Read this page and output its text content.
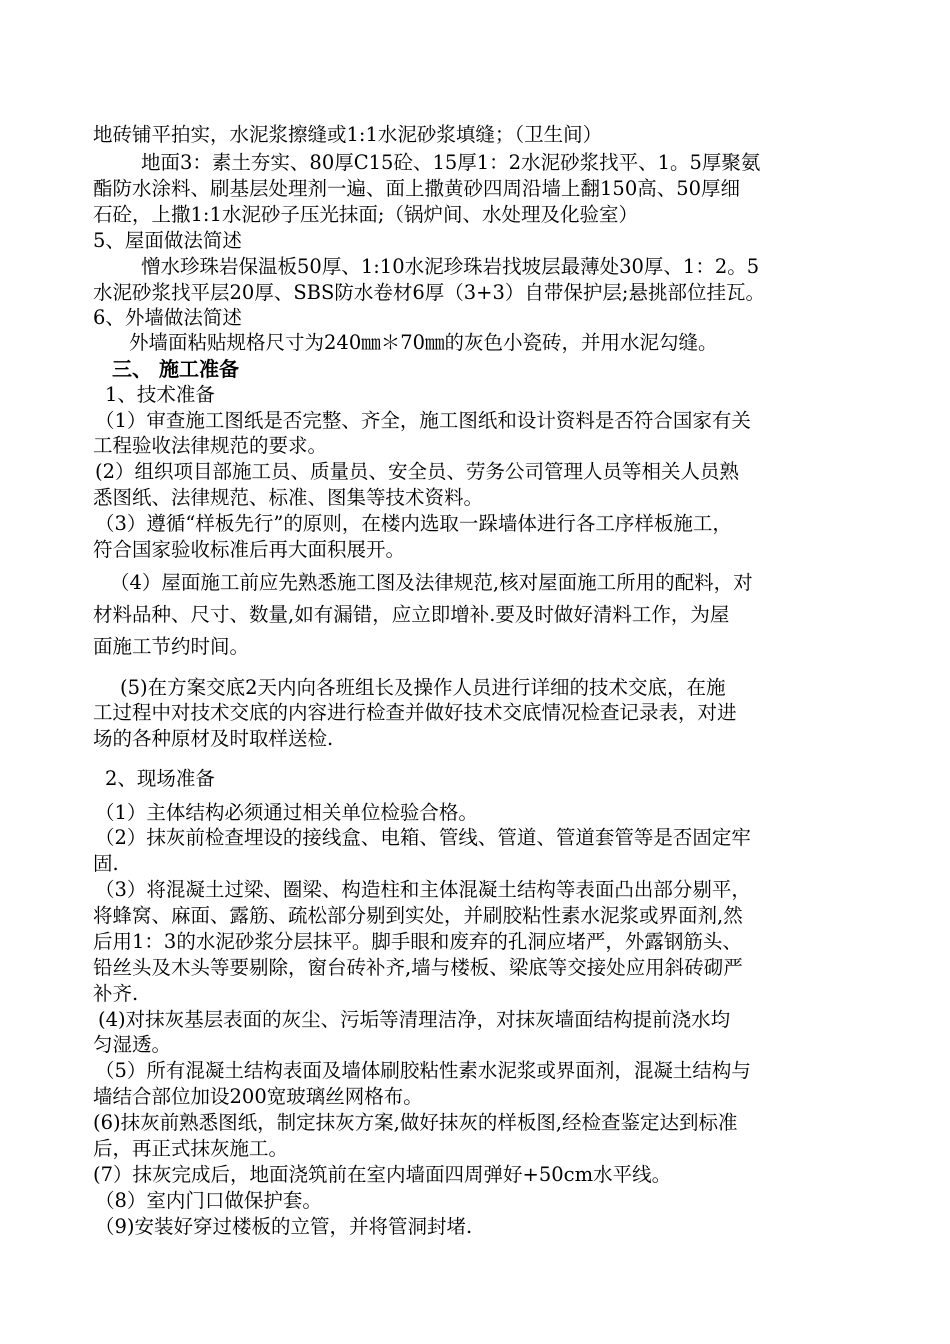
地砖铺平拍实，水泥浆擦缝或1:1水泥砂浆填缝；（卫生间）
地面3：素土夯实、80厚C15砼、15厚1：2水泥砂浆找平、1。5厚聚氨
酯防水涂料、刷基层处理剂一遍、面上撒黄砂四周沿墙上翻150高、50厚细
石砼，上撒1:1水泥砂子压光抹面;（锅炉间、水处理及化验室）
5、屋面做法简述
憎水珍珠岩保温板50厚、1:10水泥珍珠岩找坡层最薄处30厚、1：2。5
水泥砂浆找平层20厚、SBS防水卷材6厚（3+3）自带保护层;悬挑部位挂瓦。
6、外墙做法简述
外墙面粘贴规格尺寸为240㎜＊70㎜的灰色小瓷砖，并用水泥勾缝。
三、 施工准备
1、技术准备
（1）审查施工图纸是否完整、齐全，施工图纸和设计资料是否符合国家有关
工程验收法律规范的要求。
(2）组织项目部施工员、质量员、安全员、劳务公司管理人员等相关人员熟
悉图纸、法律规范、标准、图集等技术资料。
（3）遵循“样板先行”的原则，在楼内选取一跺墙体进行各工序样板施工，
符合国家验收标准后再大面积展开。
（4）屋面施工前应先熟悉施工图及法律规范,核对屋面施工所用的配料，对
材料品种、尺寸、数量,如有漏错，应立即增补.要及时做好清料工作，为屋
面施工节约时间。
(5)在方案交底2天内向各班组长及操作人员进行详细的技术交底，在施
工过程中对技术交底的内容进行检查并做好技术交底情况检查记录表，对进
场的各种原材及时取样送检.
2、现场准备
（1）主体结构必须通过相关单位检验合格。
（2）抹灰前检查埋设的接线盒、电箱、管线、管道、管道套管等是否固定牢
固.
（3）将混凝土过梁、圈梁、构造柱和主体混凝土结构等表面凸出部分剔平，
将蜂窝、麻面、露筋、疏松部分剔到实处，并刷胶粘性素水泥浆或界面剂,然
后用1：3的水泥砂浆分层抹平。脚手眼和废弃的孔洞应堵严，外露钢筋头、
铅丝头及木头等要剔除，窗台砖补齐,墙与楼板、梁底等交接处应用斜砖砌严
补齐.
(4)对抹灰基层表面的灰尘、污垢等清理洁净，对抹灰墙面结构提前浇水均
匀湿透。
（5）所有混凝土结构表面及墙体刷胶粘性素水泥浆或界面剂，混凝土结构与
墙结合部位加设200宽玻璃丝网格布。
(6)抹灰前熟悉图纸，制定抹灰方案,做好抹灰的样板图,经检查鉴定达到标准
后，再正式抹灰施工。
(7）抹灰完成后，地面浇筑前在室内墙面四周弹好+50cm水平线。
（8）室内门口做保护套。
（9)安装好穿过楼板的立管，并将管洞封堵.
